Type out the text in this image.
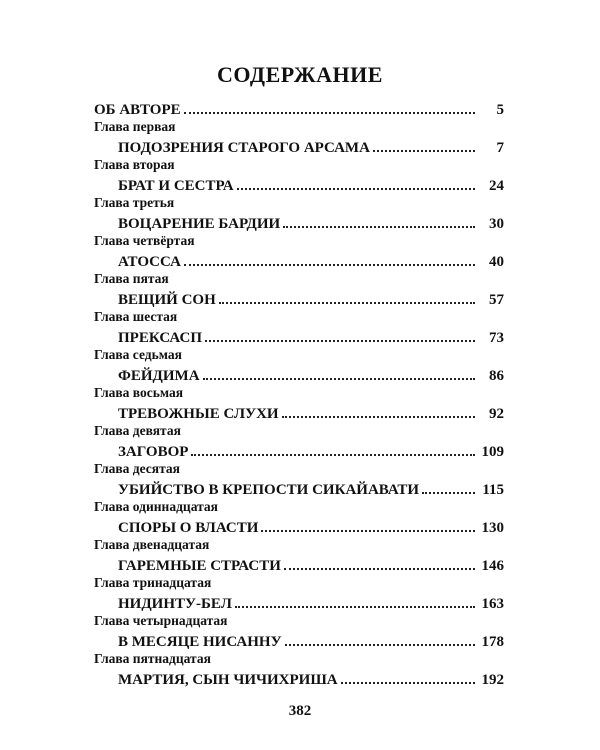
СОДЕРЖАНИЕ
ОБ АВТОРЕ	5
Глава первая
ПОДОЗРЕНИЯ СТАРОГО АРСАМА	7
Глава вторая
БРАТ И СЕСТРА	24
Глава третья
ВОЦАРЕНИЕ БАРДИИ	30
Глава четвёртая
АТОССА	40
Глава пятая
ВЕЩИЙ СОН	57
Глава шестая
ПРЕКСАСП	73
Глава седьмая
ФЕЙДИМА	86
Глава восьмая
ТРЕВОЖНЫЕ СЛУХИ	92
Глава девятая
ЗАГОВОР	109
Глава десятая
УБИЙСТВО В КРЕПОСТИ СИКАЙАВАТИ	115
Глава одиннадцатая
СПОРЫ О ВЛАСТИ	130
Глава двенадцатая
ГАРЕМНЫЕ СТРАСТИ	146
Глава тринадцатая
НИДИНТУ-БЕЛ	163
Глава четырнадцатая
В МЕСЯЦЕ НИСАННУ	178
Глава пятнадцатая
МАРТИЯ, СЫН ЧИЧИХРИША	192
382
